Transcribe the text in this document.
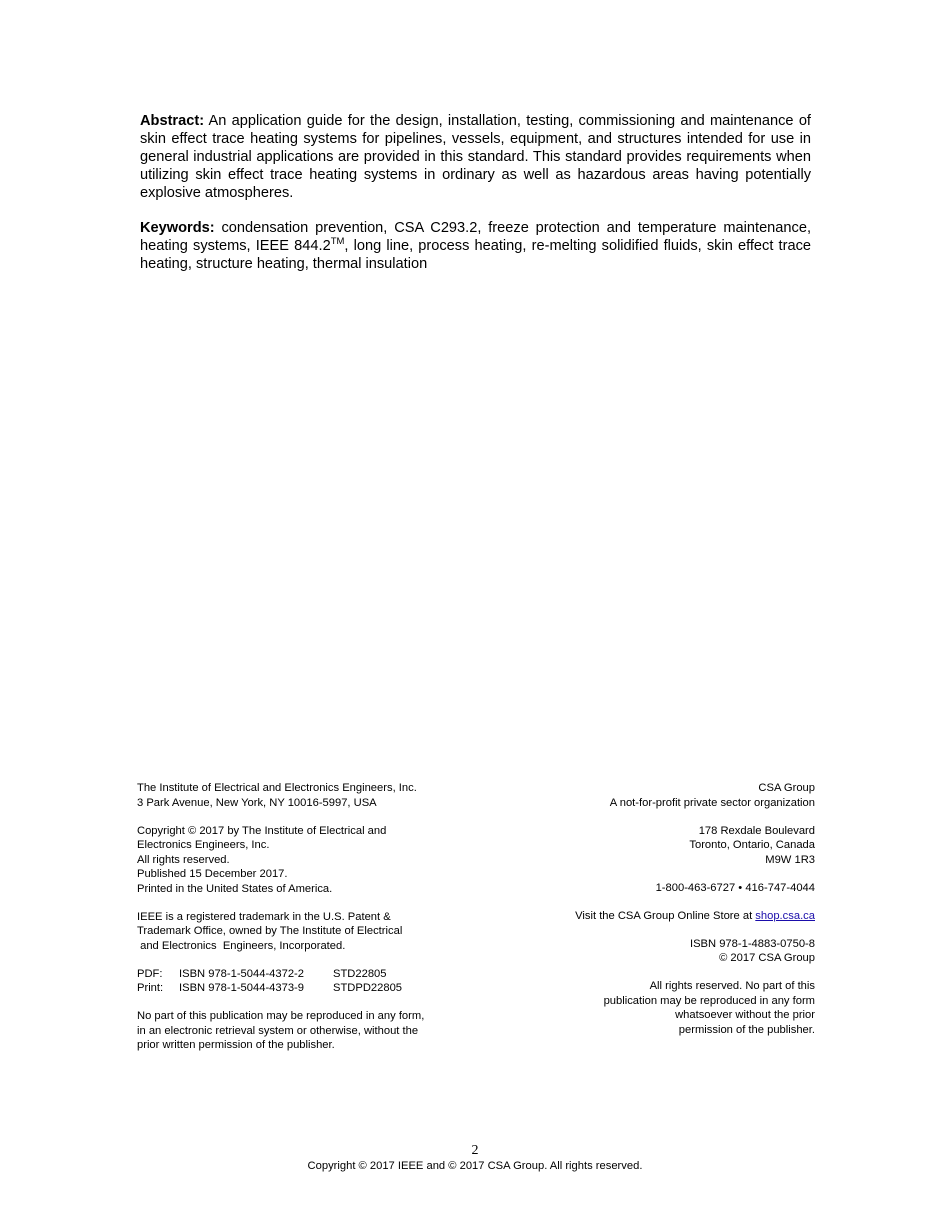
Abstract: An application guide for the design, installation, testing, commissioning and maintenance of skin effect trace heating systems for pipelines, vessels, equipment, and structures intended for use in general industrial applications are provided in this standard. This standard provides requirements when utilizing skin effect trace heating systems in ordinary as well as hazardous areas having potentially explosive atmospheres.

Keywords: condensation prevention, CSA C293.2, freeze protection and temperature maintenance, heating systems, IEEE 844.2™, long line, process heating, re-melting solidified fluids, skin effect trace heating, structure heating, thermal insulation

The Institute of Electrical and Electronics Engineers, Inc.
3 Park Avenue, New York, NY 10016-5997, USA
Copyright © 2017 by The Institute of Electrical and
Electronics Engineers, Inc.
All rights reserved.
Published 15 December 2017.
Printed in the United States of America.
IEEE is a registered trademark in the U.S. Patent &
Trademark Office, owned by The Institute of Electrical
and Electronics  Engineers, Incorporated.
PDF: ISBN 978-1-5044-4372-2	STD22805
Print: ISBN 978-1-5044-4373-9	STDPD22805
No part of this publication may be reproduced in any form,
in an electronic retrieval system or otherwise, without the
prior written permission of the publisher.
CSA Group
A not-for-profit private sector organization
178 Rexdale Boulevard
Toronto, Ontario, Canada
M9W 1R3
1-800-463-6727 • 416-747-4044
Visit the CSA Group Online Store at shop.csa.ca
ISBN 978-1-4883-0750-8
© 2017 CSA Group
All rights reserved. No part of this
publication may be reproduced in any form
whatsoever without the prior
permission of the publisher.
2
Copyright © 2017 IEEE and © 2017 CSA Group. All rights reserved.
